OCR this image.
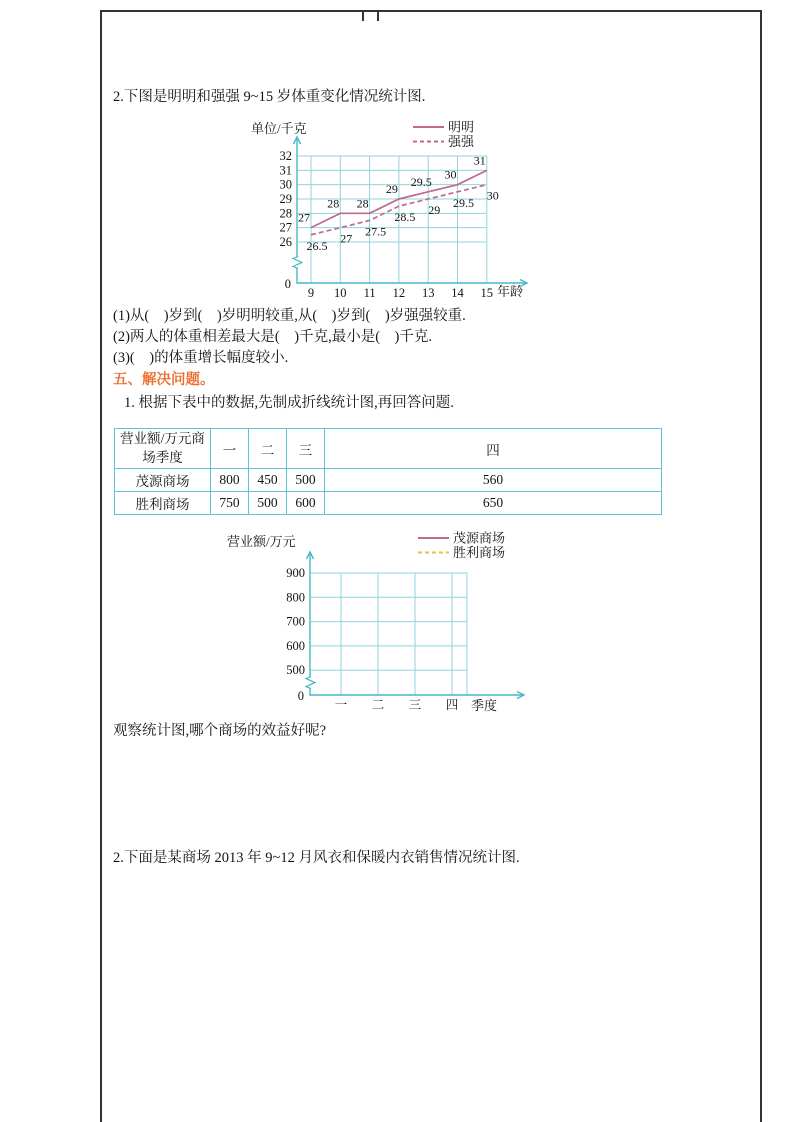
2.下图是明明和强强 9~15 岁体重变化情况统计图.
(1)从(　)岁到(　)岁明明较重,从(　)岁到(　)岁强强较重.
(2)两人的体重相差最大是(　)千克,最小是(　)千克.
(3)(　)的体重增长幅度较小.
五、解决问题。
1. 根据下表中的数据,先制成折线统计图,再回答问题.
观察统计图,哪个商场的效益好呢?
2.下面是某商场 2013 年 9~12 月风衣和保暖内衣销售情况统计图.
营业额/万元商
场季度	一	二	三	四
茂源商场	800	450	500	560
胜利商场	750	500	600	650
26
27
28
29
30
31
32
9 10 11 12 13 14 15
0
27
28 28
29
29.5
30
31
26.5
27
27.5
28.5
29
29.5
30
单位/千克
年龄
明明
强强
500
600
700
800
900
一 二 三 四
0
营业额/万元
季度
茂源商场
胜利商场
